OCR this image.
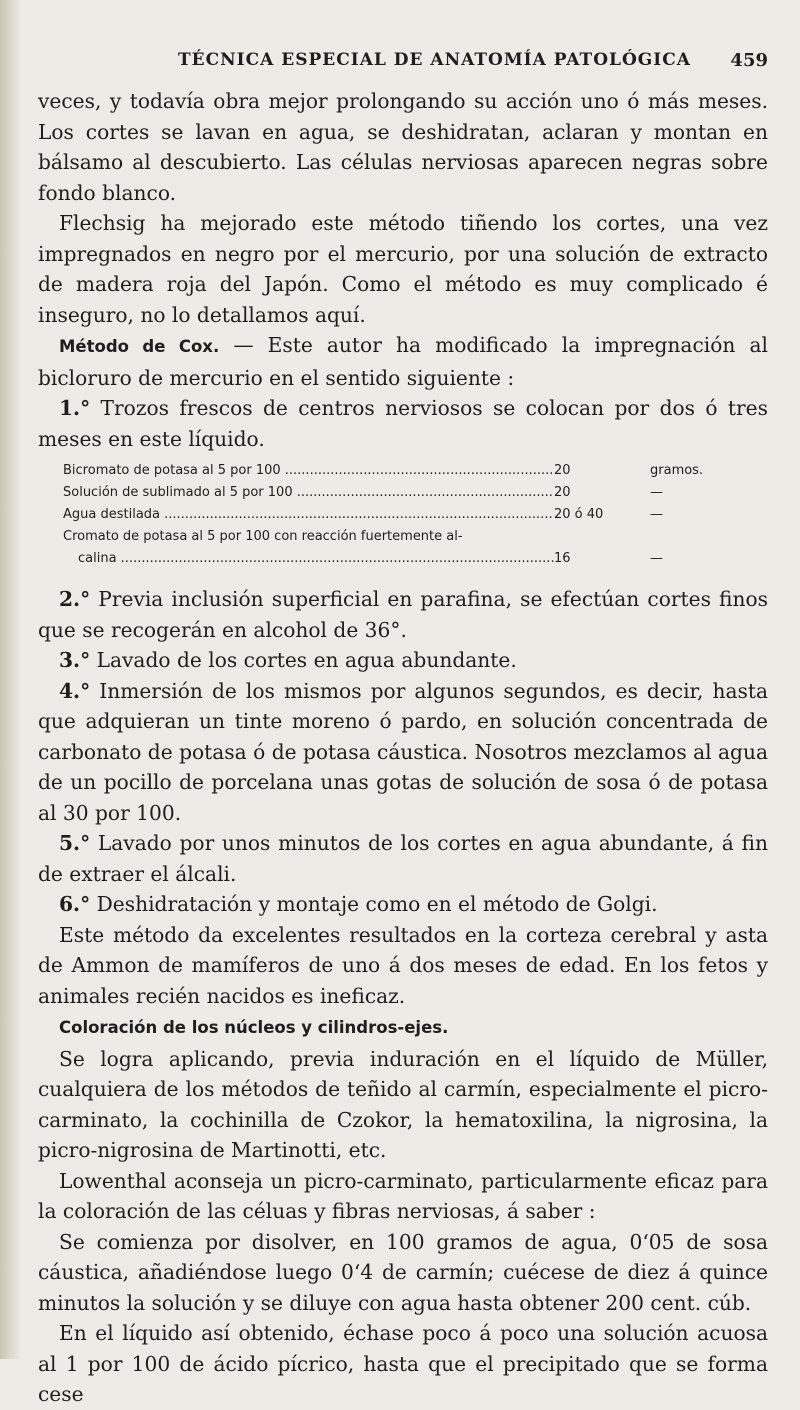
TÉCNICA ESPECIAL DE ANATOMÍA PATOLÓGICA 459

veces, y todavía obra mejor prolongando su acción uno ó más meses. Los cortes se lavan en agua, se deshidratan, aclaran y montan en bálsamo al descubierto. Las células nerviosas aparecen negras sobre fondo blanco.

Flechsig ha mejorado este método tiñendo los cortes, una vez impregnados en negro por el mercurio, por una solución de extracto de madera roja del Japón. Como el método es muy complicado é inseguro, no lo detallamos aquí.

Método de Cox. — Este autor ha modificado la impregnación al bicloruro de mercurio en el sentido siguiente :

1.° Trozos frescos de centros nerviosos se colocan por dos ó tres meses en este líquido.

Bicromato de potasa al 5 por 100 .....	20	gramos.
Solución de sublimado al 5 por 100 .....	20	—
Agua destilada .....	20 ó 40	—
Cromato de potasa al 5 por 100 con reacción fuertemente al-
calina .....	16	—

2.° Previa inclusión superficial en parafina, se efectúan cortes finos que se recogerán en alcohol de 36°.

3.° Lavado de los cortes en agua abundante.

4.° Inmersión de los mismos por algunos segundos, es decir, hasta que adquieran un tinte moreno ó pardo, en solución concentrada de carbonato de potasa ó de potasa cáustica. Nosotros mezclamos al agua de un pocillo de porcelana unas gotas de solución de sosa ó de potasa al 30 por 100.

5.° Lavado por unos minutos de los cortes en agua abundante, á fin de extraer el álcali.

6.° Deshidratación y montaje como en el método de Golgi.

Este método da excelentes resultados en la corteza cerebral y asta de Ammon de mamíferos de uno á dos meses de edad. En los fetos y animales recién nacidos es ineficaz.

Coloración de los núcleos y cilindros-ejes.

Se logra aplicando, previa induración en el líquido de Müller, cualquiera de los métodos de teñido al carmín, especialmente el picro-carminato, la cochinilla de Czokor, la hematoxilina, la nigrosina, la picro-nigrosina de Martinotti, etc.

Lowenthal aconseja un picro-carminato, particularmente eficaz para la coloración de las céluas y fibras nerviosas, á saber :

Se comienza por disolver, en 100 gramos de agua, 0‘05 de sosa cáustica, añadiéndose luego 0‘4 de carmín; cuécese de diez á quince minutos la solución y se diluye con agua hasta obtener 200 cent. cúb.

En el líquido así obtenido, échase poco á poco una solución acuosa al 1 por 100 de ácido pícrico, hasta que el precipitado que se forma cese
